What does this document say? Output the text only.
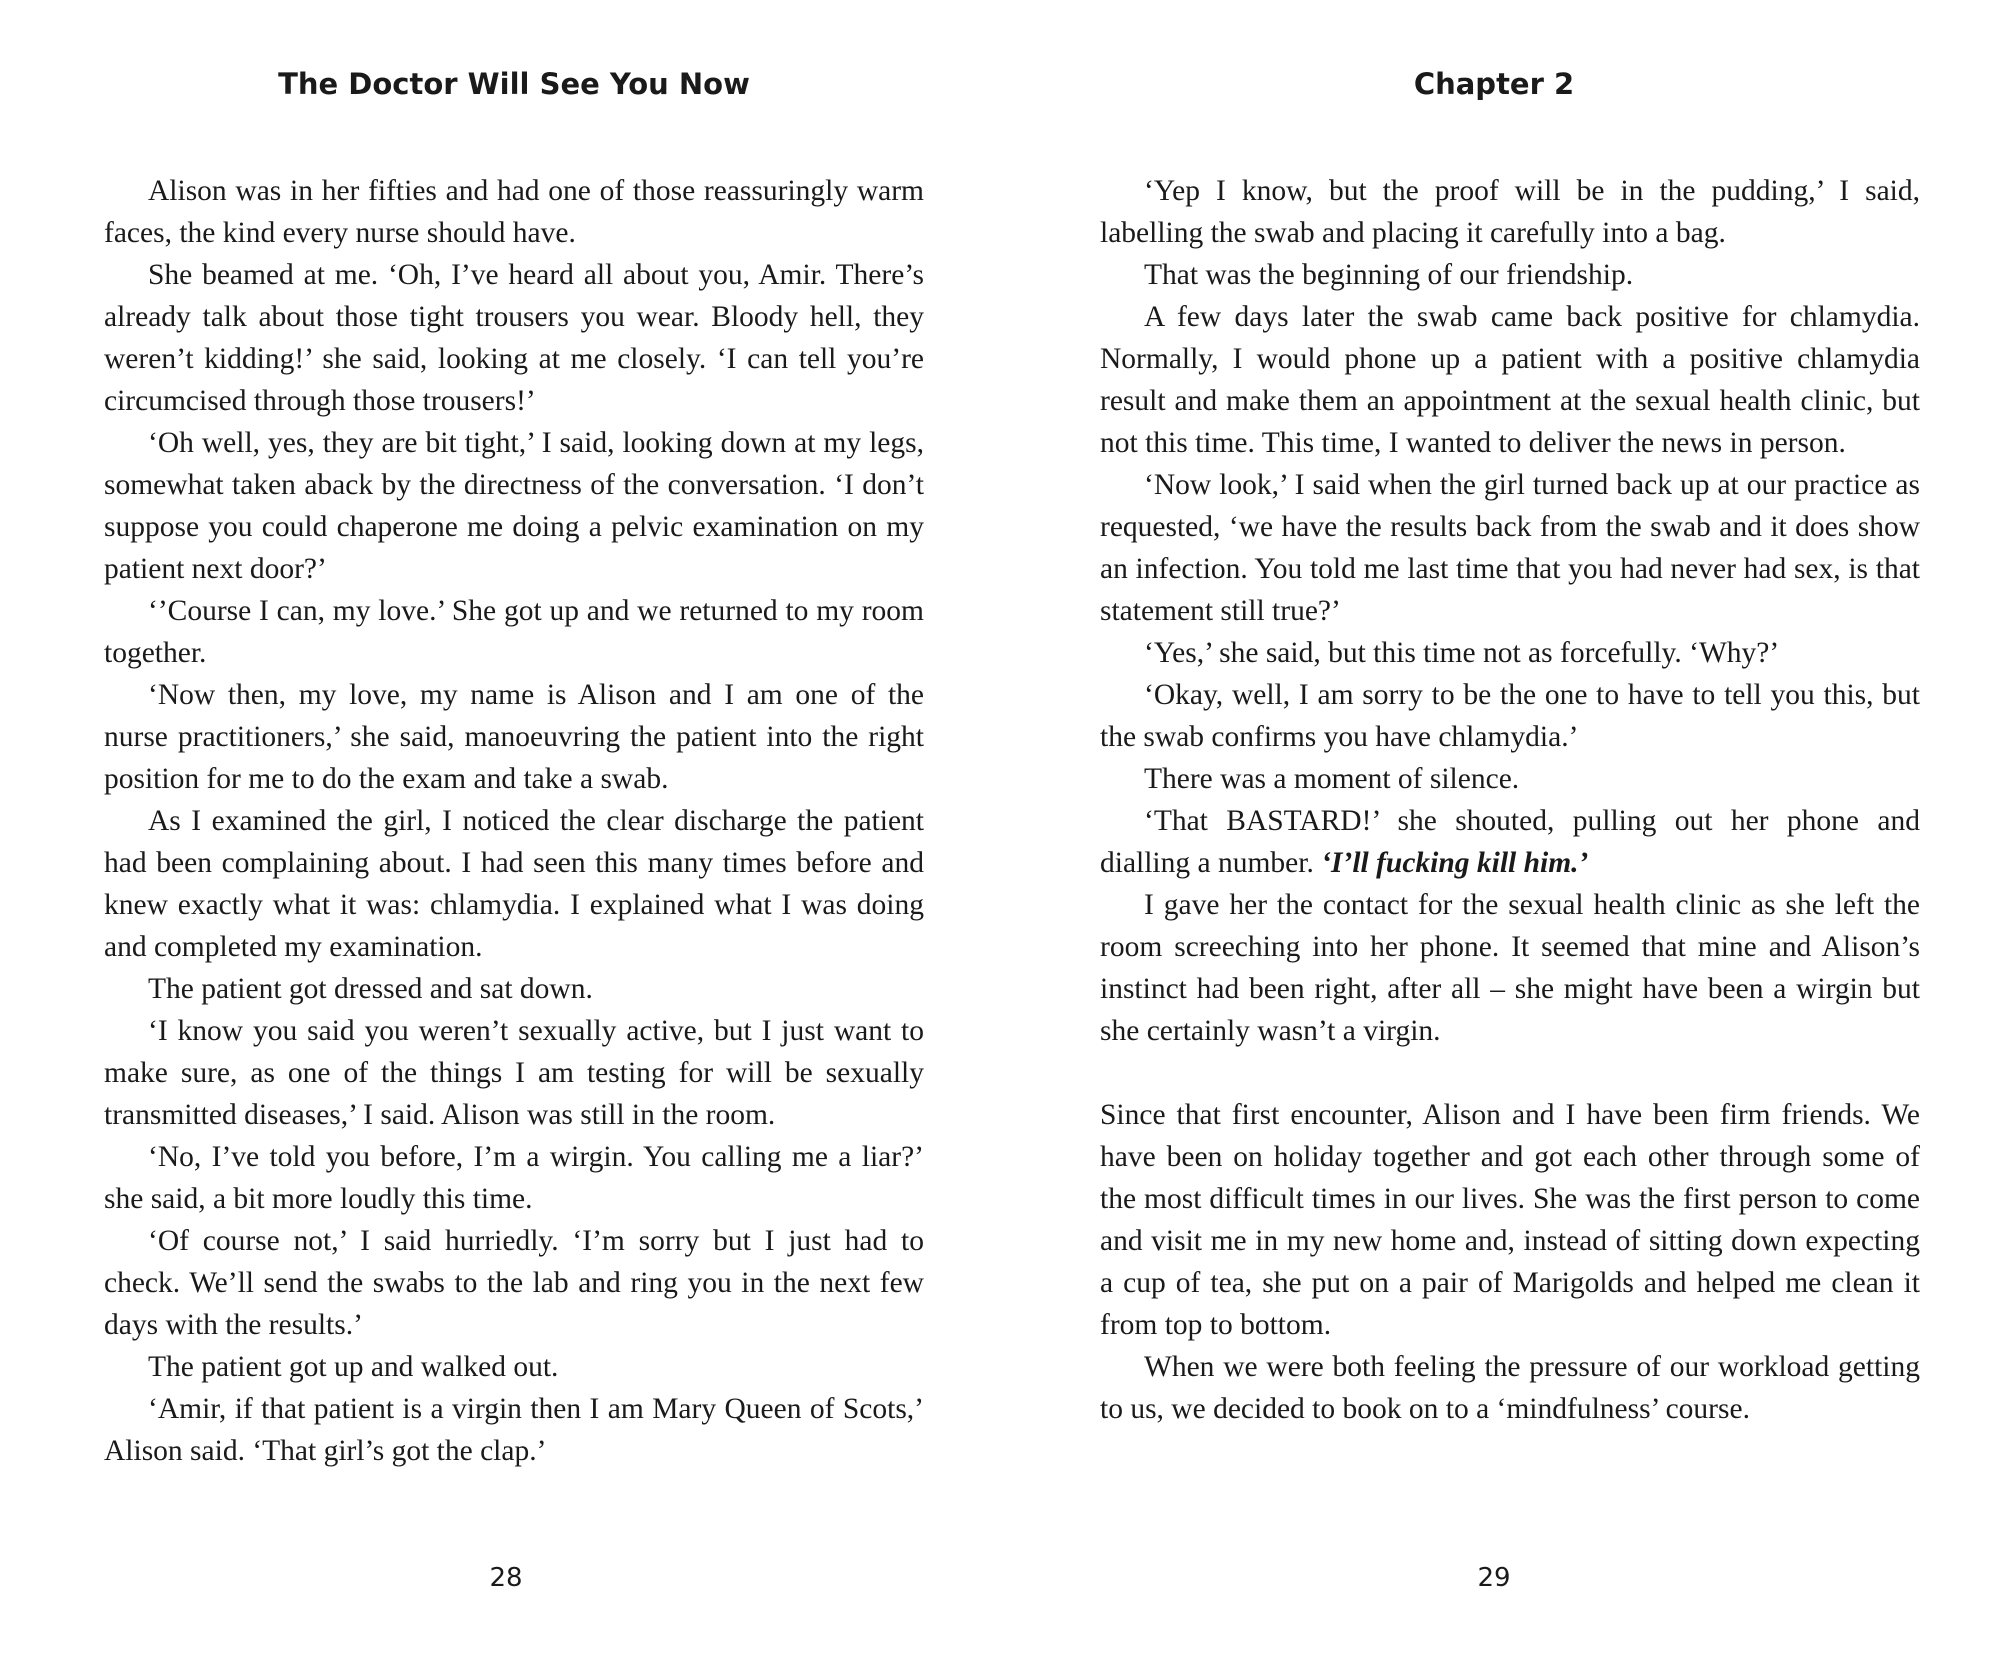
The Doctor Will See You Now

Alison was in her fifties and had one of those reassuringly warm faces, the kind every nurse should have.

She beamed at me. ‘Oh, I’ve heard all about you, Amir. There’s already talk about those tight trousers you wear. Bloody hell, they weren’t kidding!’ she said, looking at me closely. ‘I can tell you’re circumcised through those trousers!’

‘Oh well, yes, they are bit tight,’ I said, looking down at my legs, somewhat taken aback by the directness of the conversation. ‘I don’t suppose you could chaperone me doing a pelvic examination on my patient next door?’

‘’Course I can, my love.’ She got up and we returned to my room together.

‘Now then, my love, my name is Alison and I am one of the nurse practitioners,’ she said, manoeuvring the patient into the right position for me to do the exam and take a swab.

As I examined the girl, I noticed the clear discharge the patient had been complaining about. I had seen this many times before and knew exactly what it was: chlamydia. I explained what I was doing and completed my examination.

The patient got dressed and sat down.

‘I know you said you weren’t sexually active, but I just want to make sure, as one of the things I am testing for will be sexually transmitted diseases,’ I said. Alison was still in the room.

‘No, I’ve told you before, I’m a wirgin. You calling me a liar?’ she said, a bit more loudly this time.

‘Of course not,’ I said hurriedly. ‘I’m sorry but I just had to check. We’ll send the swabs to the lab and ring you in the next few days with the results.’

The patient got up and walked out.

‘Amir, if that patient is a virgin then I am Mary Queen of Scots,’ Alison said. ‘That girl’s got the clap.’

28
Chapter 2

‘Yep I know, but the proof will be in the pudding,’ I said, labelling the swab and placing it carefully into a bag.

That was the beginning of our friendship.

A few days later the swab came back positive for chlamydia. Normally, I would phone up a patient with a positive chlamydia result and make them an appointment at the sexual health clinic, but not this time. This time, I wanted to deliver the news in person.

‘Now look,’ I said when the girl turned back up at our practice as requested, ‘we have the results back from the swab and it does show an infection. You told me last time that you had never had sex, is that statement still true?’

‘Yes,’ she said, but this time not as forcefully. ‘Why?’

‘Okay, well, I am sorry to be the one to have to tell you this, but the swab confirms you have chlamydia.’

There was a moment of silence.

‘That BASTARD!’ she shouted, pulling out her phone and dialling a number. ‘I’ll fucking kill him.’

I gave her the contact for the sexual health clinic as she left the room screeching into her phone. It seemed that mine and Alison’s instinct had been right, after all – she might have been a wirgin but she certainly wasn’t a virgin.

Since that first encounter, Alison and I have been firm friends. We have been on holiday together and got each other through some of the most difficult times in our lives. She was the first person to come and visit me in my new home and, instead of sitting down expecting a cup of tea, she put on a pair of Marigolds and helped me clean it from top to bottom.

When we were both feeling the pressure of our workload getting to us, we decided to book on to a ‘mindfulness’ course.

29
